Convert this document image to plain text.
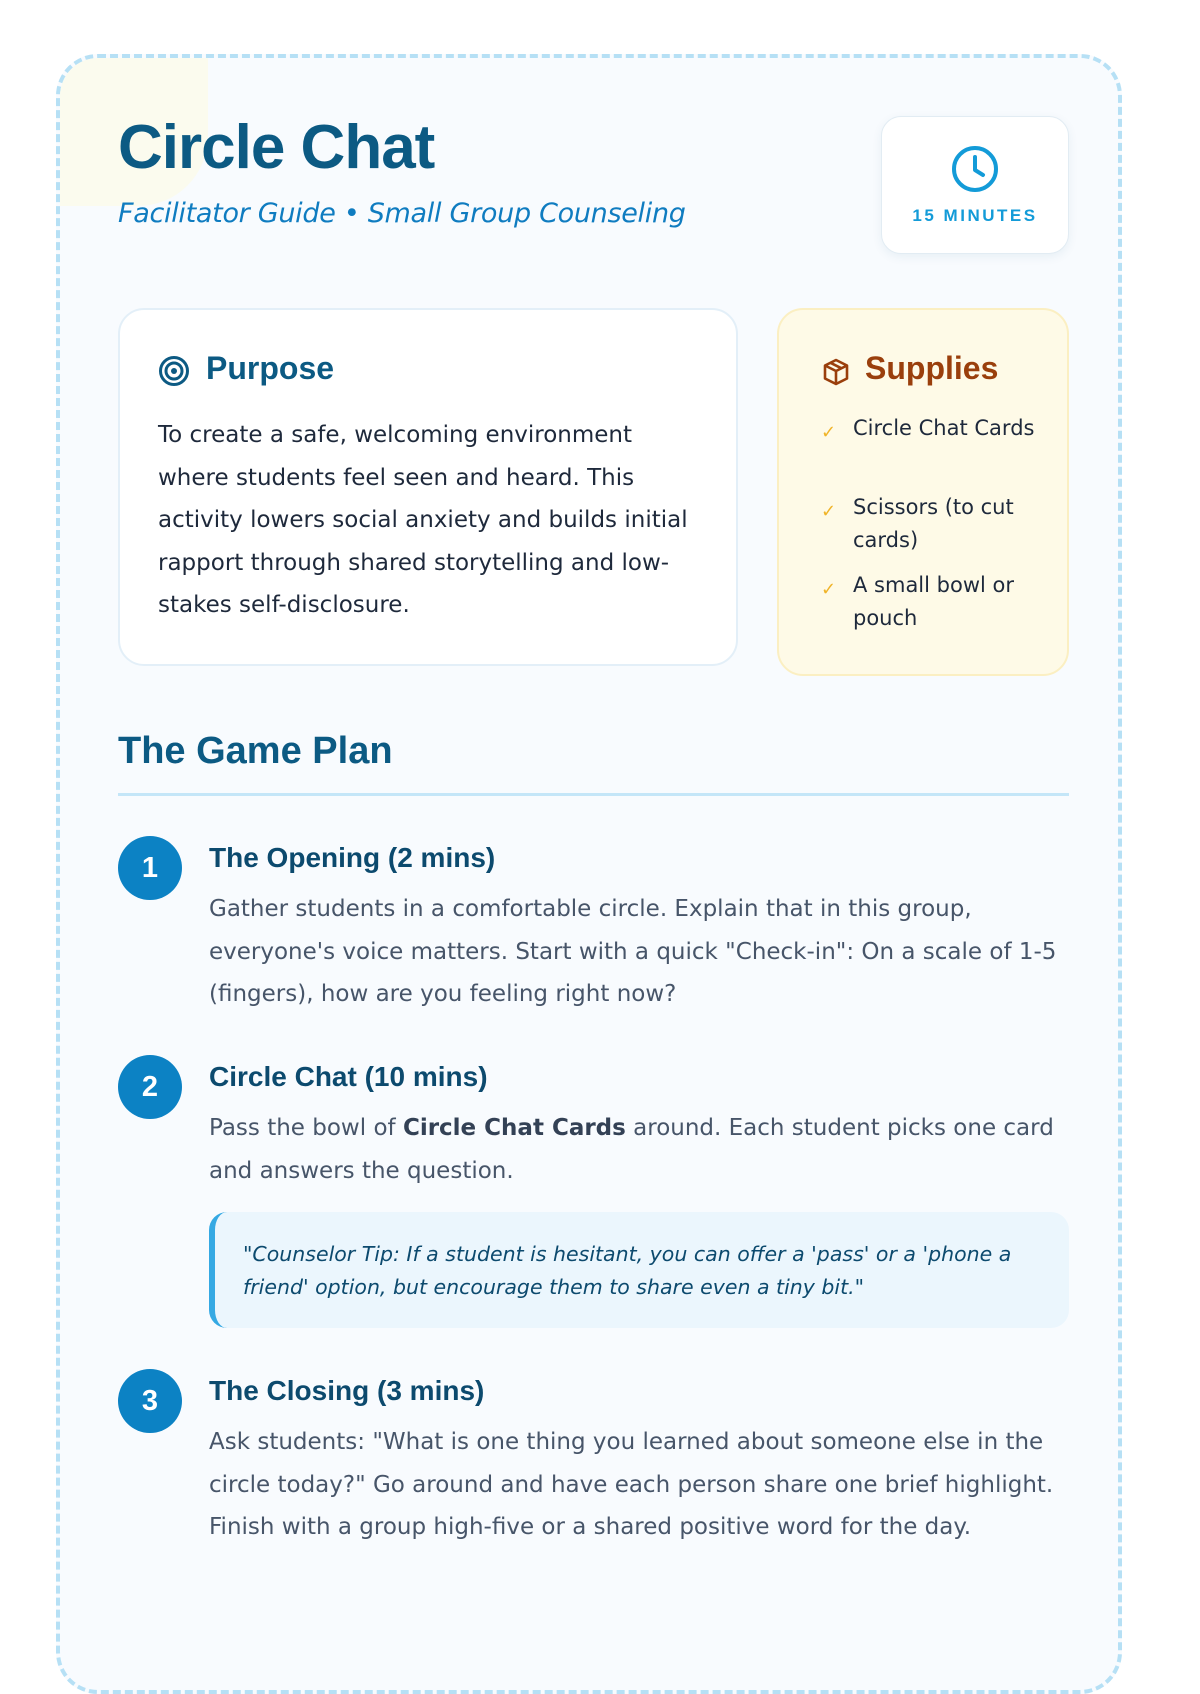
Circle Chat
Facilitator Guide • Small Group Counseling	15 MINUTES
Purpose
To create a safe, welcoming environment where students feel seen and heard. This activity lowers social anxiety and builds initial rapport through shared storytelling and low-stakes self-disclosure.
Supplies
✓ Circle Chat Cards
✓ Scissors (to cut cards)
✓ A small bowl or pouch
The Game Plan
1	The Opening (2 mins)
Gather students in a comfortable circle. Explain that in this group, everyone's voice matters. Start with a quick "Check-in": On a scale of 1-5 (fingers), how are you feeling right now?
2	Circle Chat (10 mins)
Pass the bowl of Circle Chat Cards around. Each student picks one card and answers the question.
"Counselor Tip: If a student is hesitant, you can offer a 'pass' or a 'phone a friend' option, but encourage them to share even a tiny bit."
3	The Closing (3 mins)
Ask students: "What is one thing you learned about someone else in the circle today?" Go around and have each person share one brief highlight. Finish with a group high-five or a shared positive word for the day.
